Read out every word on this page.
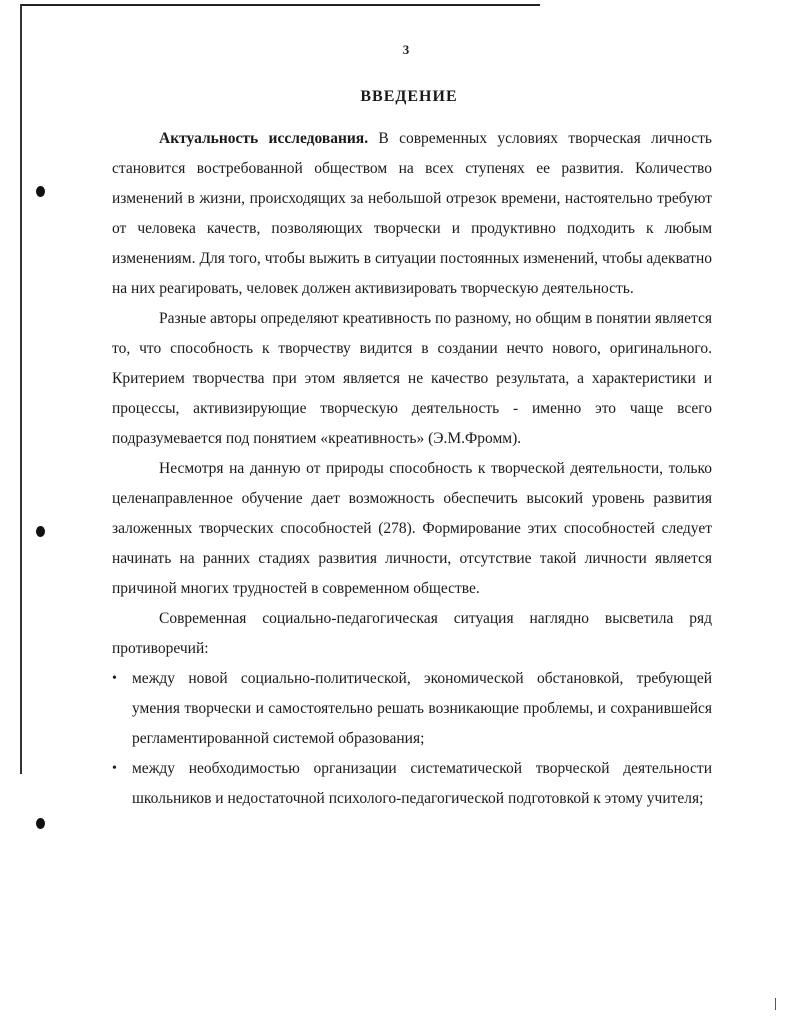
3
ВВЕДЕНИЕ

Актуальность исследования. В современных условиях творческая личность становится востребованной обществом на всех ступенях ее развития. Количество изменений в жизни, происходящих за небольшой отрезок времени, настоятельно требуют от человека качеств, позволяющих творчески и продуктивно подходить к любым изменениям. Для того, чтобы выжить в ситуации постоянных изменений, чтобы адекватно на них реагировать, человек должен активизировать творческую деятельность.

Разные авторы определяют креативность по разному, но общим в понятии является то, что способность к творчеству видится в создании нечто нового, оригинального. Критерием творчества при этом является не качество результата, а характеристики и процессы, активизирующие творческую деятельность - именно это чаще всего подразумевается под понятием «креативность» (Э.М.Фромм).

Несмотря на данную от природы способность к творческой деятельности, только целенаправленное обучение дает возможность обеспечить высокий уровень развития заложенных творческих способностей (278). Формирование этих способностей следует начинать на ранних стадиях развития личности, отсутствие такой личности является причиной многих трудностей в современном обществе.

Современная социально-педагогическая ситуация наглядно высветила ряд противоречий:

• между новой социально-политической, экономической обстановкой, требующей умения творчески и самостоятельно решать возникающие проблемы, и сохранившейся регламентированной системой образования;
• между необходимостью организации систематической творческой деятельности школьников и недостаточной психолого-педагогической подготовкой к этому учителя;
